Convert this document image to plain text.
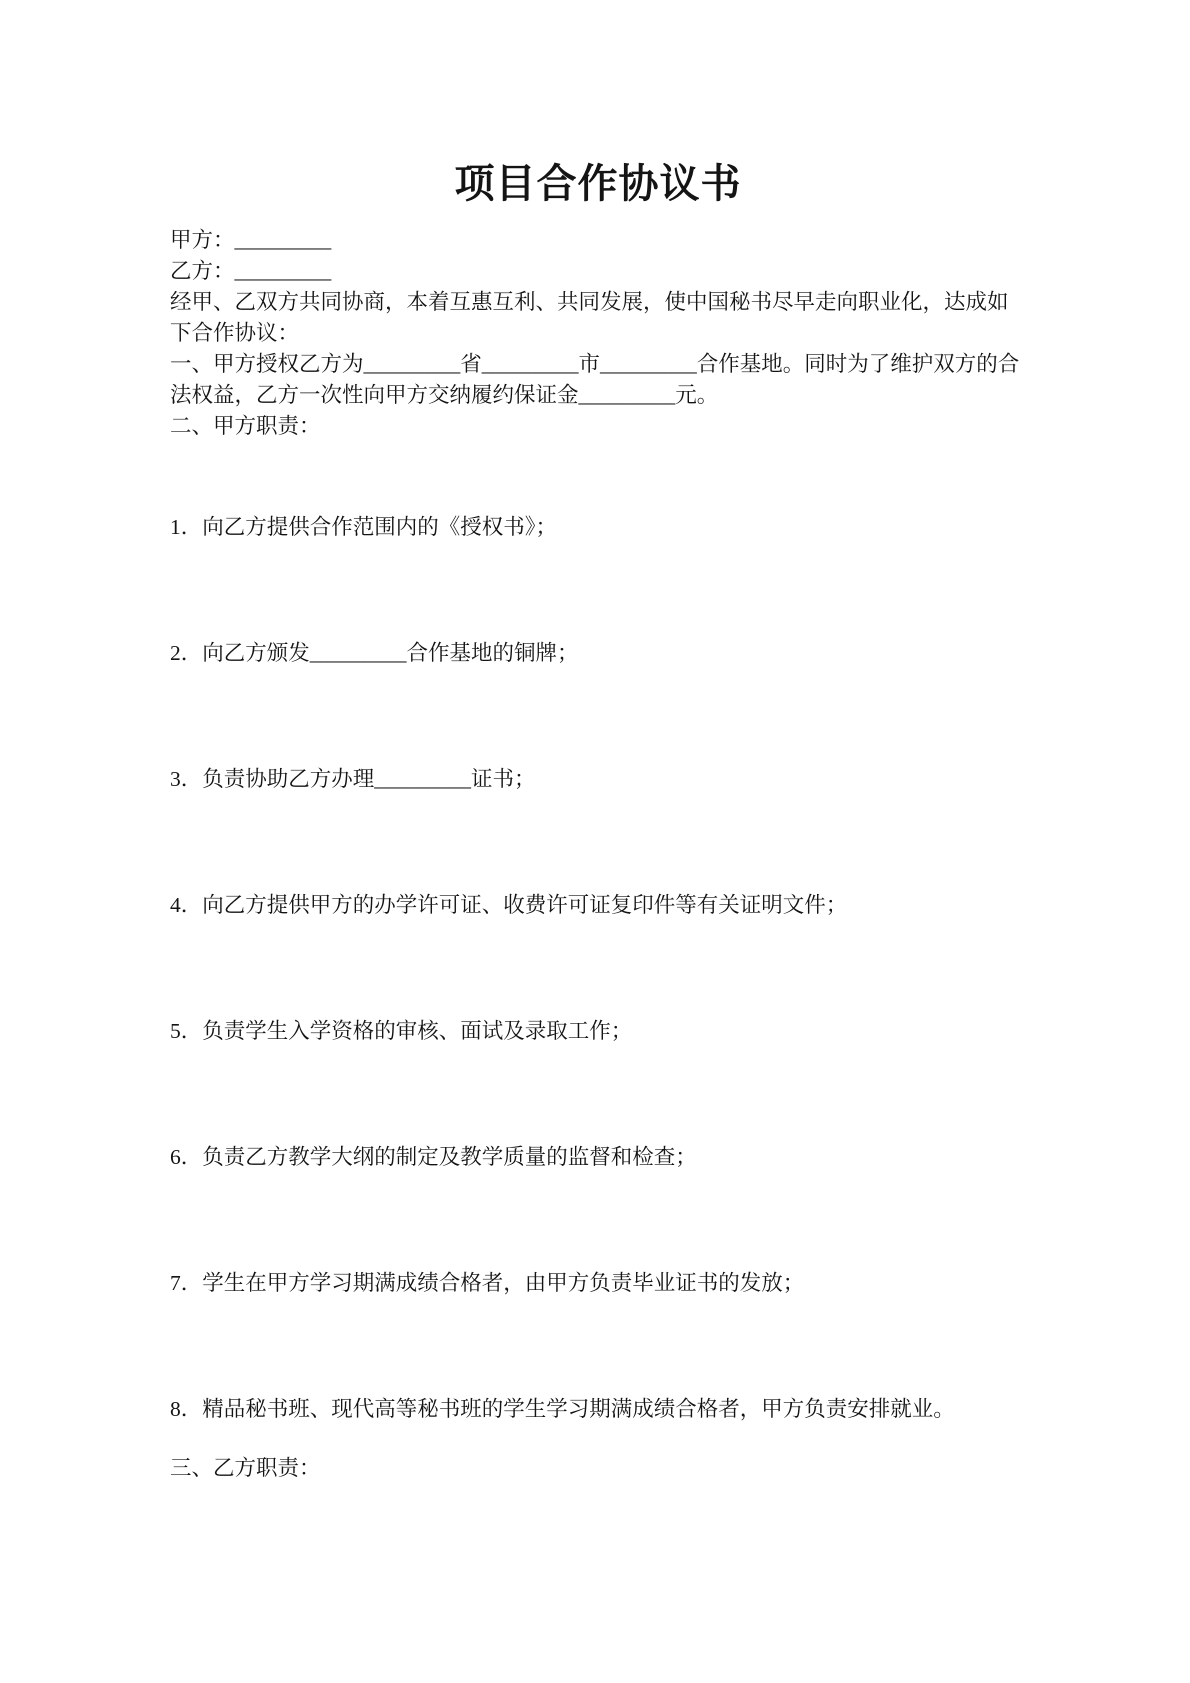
项目合作协议书

甲方：_________

乙方：_________

经甲、乙双方共同协商，本着互惠互利、共同发展，使中国秘书尽早走向职业化，达成如

下合作协议：

一、甲方授权乙方为_________省_________市_________合作基地。同时为了维护双方的合

法权益，乙方一次性向甲方交纳履约保证金_________元。

二、甲方职责：

1．向乙方提供合作范围内的《授权书》；

2．向乙方颁发_________合作基地的铜牌；

3．负责协助乙方办理_________证书；

4．向乙方提供甲方的办学许可证、收费许可证复印件等有关证明文件；

5．负责学生入学资格的审核、面试及录取工作；

6．负责乙方教学大纲的制定及教学质量的监督和检查；

7．学生在甲方学习期满成绩合格者，由甲方负责毕业证书的发放；

8．精品秘书班、现代高等秘书班的学生学习期满成绩合格者，甲方负责安排就业。

三、乙方职责：
